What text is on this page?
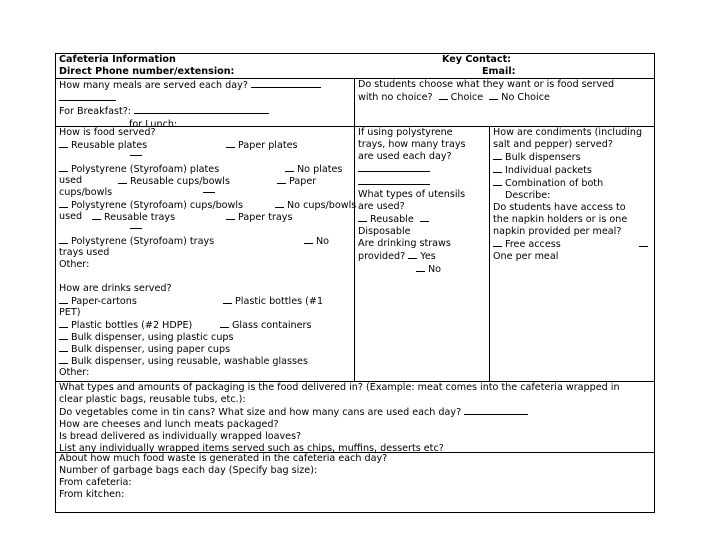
Cafeteria Information
Direct Phone number/extension:
Key Contact:
Email:
How many meals are served each day?
For Breakfast?:
for Lunch:
Do students choose what they want or is food served
with no choice? Choice No Choice
How is food served?
Reusable plates	Paper plates
Polystyrene (Styrofoam) plates	No plates
used	Reusable cups/bowls	Paper
cups/bowls
Polystyrene (Styrofoam) cups/bowls	No cups/bowls
used	Reusable trays	Paper trays
Polystyrene (Styrofoam) trays	No
trays used
Other:
How are drinks served?
Paper-cartons	Plastic bottles (#1
PET)
Plastic bottles (#2 HDPE)	Glass containers
Bulk dispenser, using plastic cups
Bulk dispenser, using paper cups
Bulk dispenser, using reusable, washable glasses
Other:
If using polystyrene
trays, how many trays
are used each day?
What types of utensils
are used?
Reusable
Disposable
Are drinking straws
provided? Yes
No
How are condiments (including
salt and pepper) served?
Bulk dispensers
Individual packets
Combination of both
Describe:
Do students have access to
the napkin holders or is one
napkin provided per meal?
Free access
One per meal
What types and amounts of packaging is the food delivered in? (Example: meat comes into the cafeteria wrapped in
clear plastic bags, reusable tubs, etc.):
Do vegetables come in tin cans? What size and how many cans are used each day?
How are cheeses and lunch meats packaged?
Is bread delivered as individually wrapped loaves?
List any individually wrapped items served such as chips, muffins, desserts etc?
About how much food waste is generated in the cafeteria each day?
Number of garbage bags each day (Specify bag size):
From cafeteria:
From kitchen:
